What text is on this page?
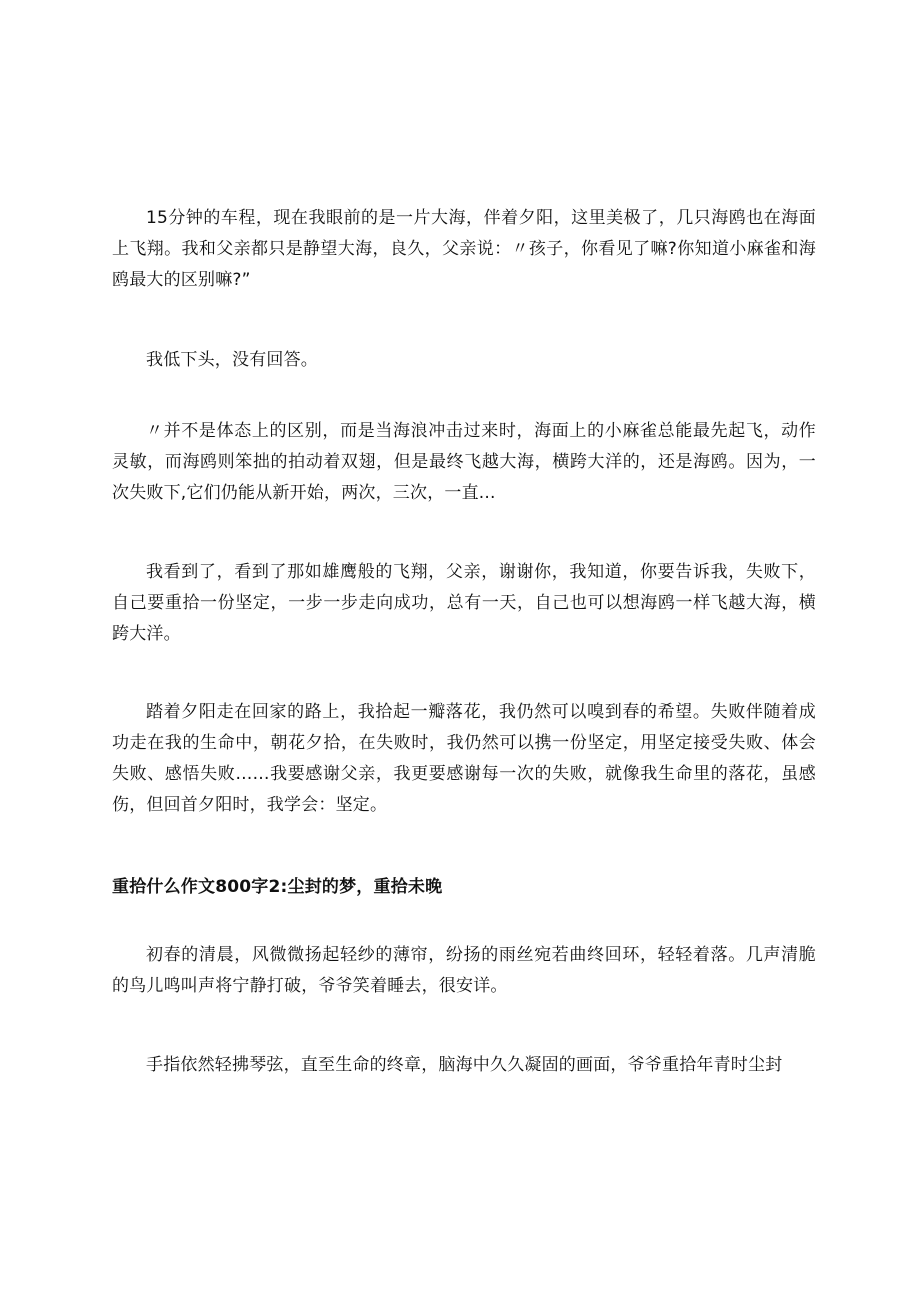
15分钟的车程，现在我眼前的是一片大海，伴着夕阳，这里美极了，几只海鸥也在海面上飞翔。我和父亲都只是静望大海，良久，父亲说：〃孩子，你看见了嘛?你知道小麻雀和海鸥最大的区别嘛?”

我低下头，没有回答。

〃并不是体态上的区别，而是当海浪冲击过来时，海面上的小麻雀总能最先起飞，动作灵敏，而海鸥则笨拙的拍动着双翅，但是最终飞越大海，横跨大洋的，还是海鸥。因为，一次失败下,它们仍能从新开始，两次，三次，一直...

我看到了，看到了那如雄鹰般的飞翔，父亲，谢谢你，我知道，你要告诉我，失败下，自己要重拾一份坚定，一步一步走向成功，总有一天，自己也可以想海鸥一样飞越大海，横跨大洋。

踏着夕阳走在回家的路上，我拾起一瓣落花，我仍然可以嗅到春的希望。失败伴随着成功走在我的生命中，朝花夕拾，在失败时，我仍然可以携一份坚定，用坚定接受失败、体会失败、感悟失败……我要感谢父亲，我更要感谢每一次的失败，就像我生命里的落花，虽感伤，但回首夕阳时，我学会：坚定。

重拾什么作文800字2:尘封的梦，重拾未晚

初春的清晨，风微微扬起轻纱的薄帘，纷扬的雨丝宛若曲终回环，轻轻着落。几声清脆的鸟儿鸣叫声将宁静打破，爷爷笑着睡去，很安详。

手指依然轻拂琴弦，直至生命的终章，脑海中久久凝固的画面，爷爷重拾年青时尘封
